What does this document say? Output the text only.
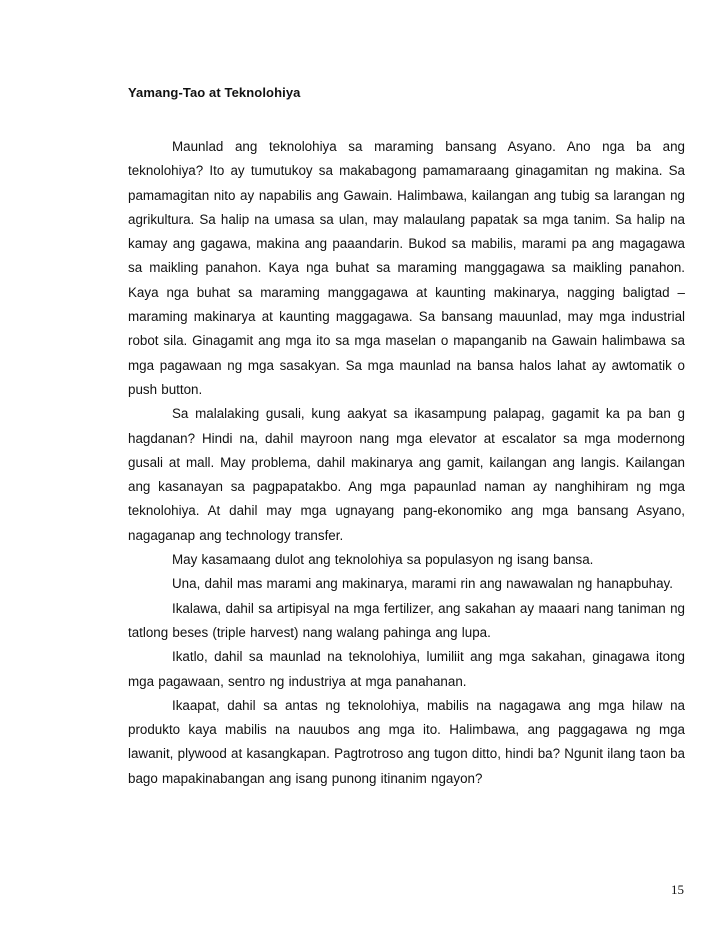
Yamang-Tao at Teknolohiya

Maunlad ang teknolohiya sa maraming bansang Asyano. Ano nga ba ang teknolohiya? Ito ay tumutukoy sa makabagong pamamaraang ginagamitan ng makina. Sa pamamagitan nito ay napabilis ang Gawain. Halimbawa, kailangan ang tubig sa larangan ng agrikultura. Sa halip na umasa sa ulan, may malaulang papatak sa mga tanim. Sa halip na kamay ang gagawa, makina ang paaandarin. Bukod sa mabilis, marami pa ang magagawa sa maikling panahon. Kaya nga buhat sa maraming manggagawa sa maikling panahon. Kaya nga buhat sa maraming manggagawa at kaunting makinarya, nagging baligtad – maraming makinarya at kaunting maggagawa. Sa bansang mauunlad, may mga industrial robot sila. Ginagamit ang mga ito sa mga maselan o mapanganib na Gawain halimbawa sa mga pagawaan ng mga sasakyan. Sa mga maunlad na bansa halos lahat ay awtomatik o push button.

Sa malalaking gusali, kung aakyat sa ikasampung palapag, gagamit ka pa ban g hagdanan? Hindi na, dahil mayroon nang mga elevator at escalator sa mga modernong gusali at mall. May problema, dahil makinarya ang gamit, kailangan ang langis. Kailangan ang kasanayan sa pagpapatakbo. Ang mga papaunlad naman ay nanghihiram ng mga teknolohiya. At dahil may mga ugnayang pang-ekonomiko ang mga bansang Asyano, nagaganap ang technology transfer.

May kasamaang dulot ang teknolohiya sa populasyon ng isang bansa.

Una, dahil mas marami ang makinarya, marami rin ang nawawalan ng hanapbuhay.

Ikalawa, dahil sa artipisyal na mga fertilizer, ang sakahan ay maaari nang taniman ng tatlong beses (triple harvest) nang walang pahinga ang lupa.

Ikatlo, dahil sa maunlad na teknolohiya, lumiliit ang mga sakahan, ginagawa itong mga pagawaan, sentro ng industriya at mga panahanan.

Ikaapat, dahil sa antas ng teknolohiya, mabilis na nagagawa ang mga hilaw na produkto kaya mabilis na nauubos ang mga ito. Halimbawa, ang paggagawa ng mga lawanit, plywood at kasangkapan. Pagtrotroso ang tugon ditto, hindi ba? Ngunit ilang taon ba bago mapakinabangan ang isang punong itinanim ngayon?

15
